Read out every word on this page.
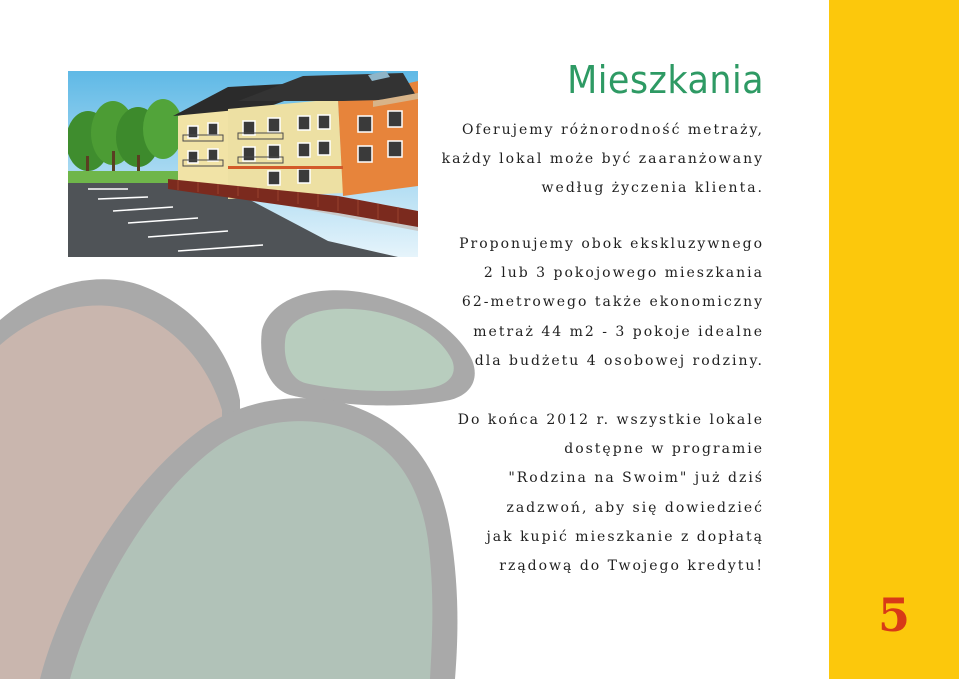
Mieszkania
Oferujemy różnorodność metraży,
każdy lokal może być zaaranżowany
według życzenia klienta.
Proponujemy obok ekskluzywnego
2 lub 3 pokojowego mieszkania
62-metrowego także ekonomiczny
metraż 44 m2 - 3 pokoje idealne
dla budżetu 4 osobowej rodziny.
Do końca 2012 r. wszystkie lokale
dostępne w programie
"Rodzina na Swoim" już dziś
zadzwoń, aby się dowiedzieć
jak kupić mieszkanie z dopłatą
rządową do Twojego kredytu!
5
